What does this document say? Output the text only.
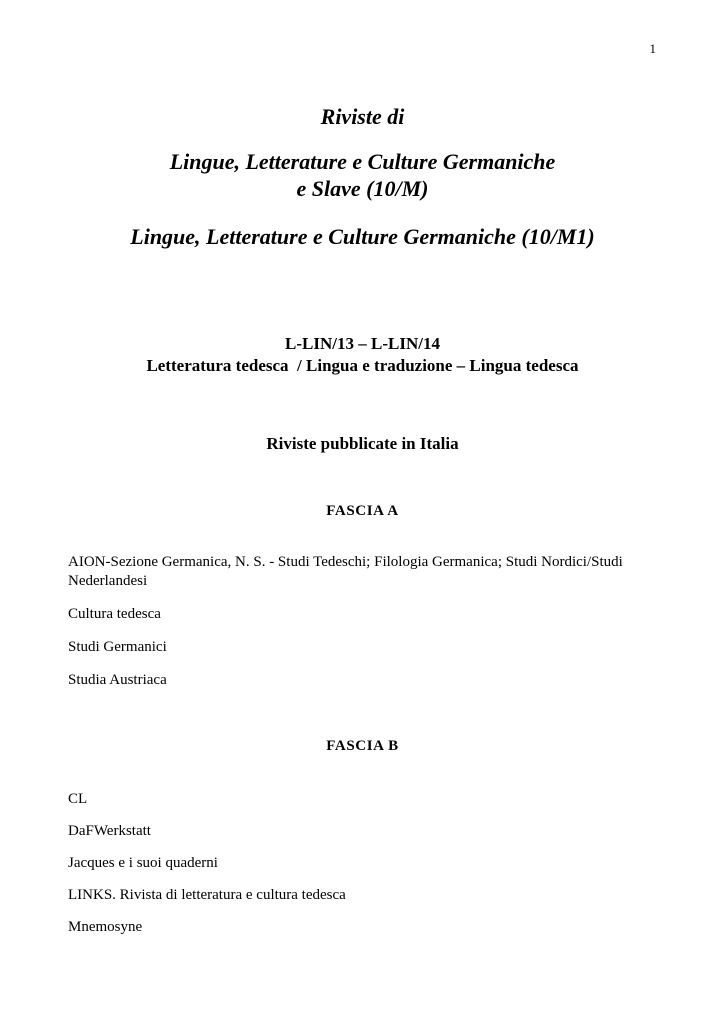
1
Riviste di
Lingue, Letterature e Culture Germaniche
e Slave (10/M)
Lingue, Letterature e Culture Germaniche (10/M1)
L-LIN/13 – L-LIN/14
Letteratura tedesca  / Lingua e traduzione – Lingua tedesca
Riviste pubblicate in Italia
FASCIA A
AION-Sezione Germanica, N. S. - Studi Tedeschi; Filologia Germanica; Studi Nordici/Studi Nederlandesi
Cultura tedesca
Studi Germanici
Studia Austriaca
FASCIA B
CL
DaFWerkstatt
Jacques e i suoi quaderni
LINKS. Rivista di letteratura e cultura tedesca
Mnemosyne
